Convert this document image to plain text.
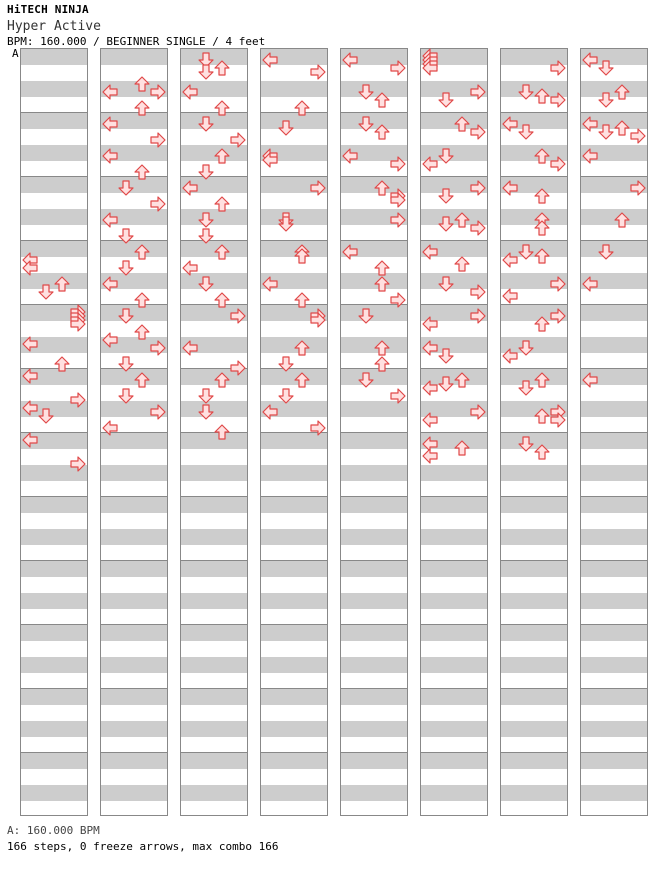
HiTECH NINJA
Hyper Active
BPM: 160.000 / BEGINNER SINGLE / 4 feet
A
A: 160.000 BPM
166 steps, 0 freeze arrows, max combo 166
